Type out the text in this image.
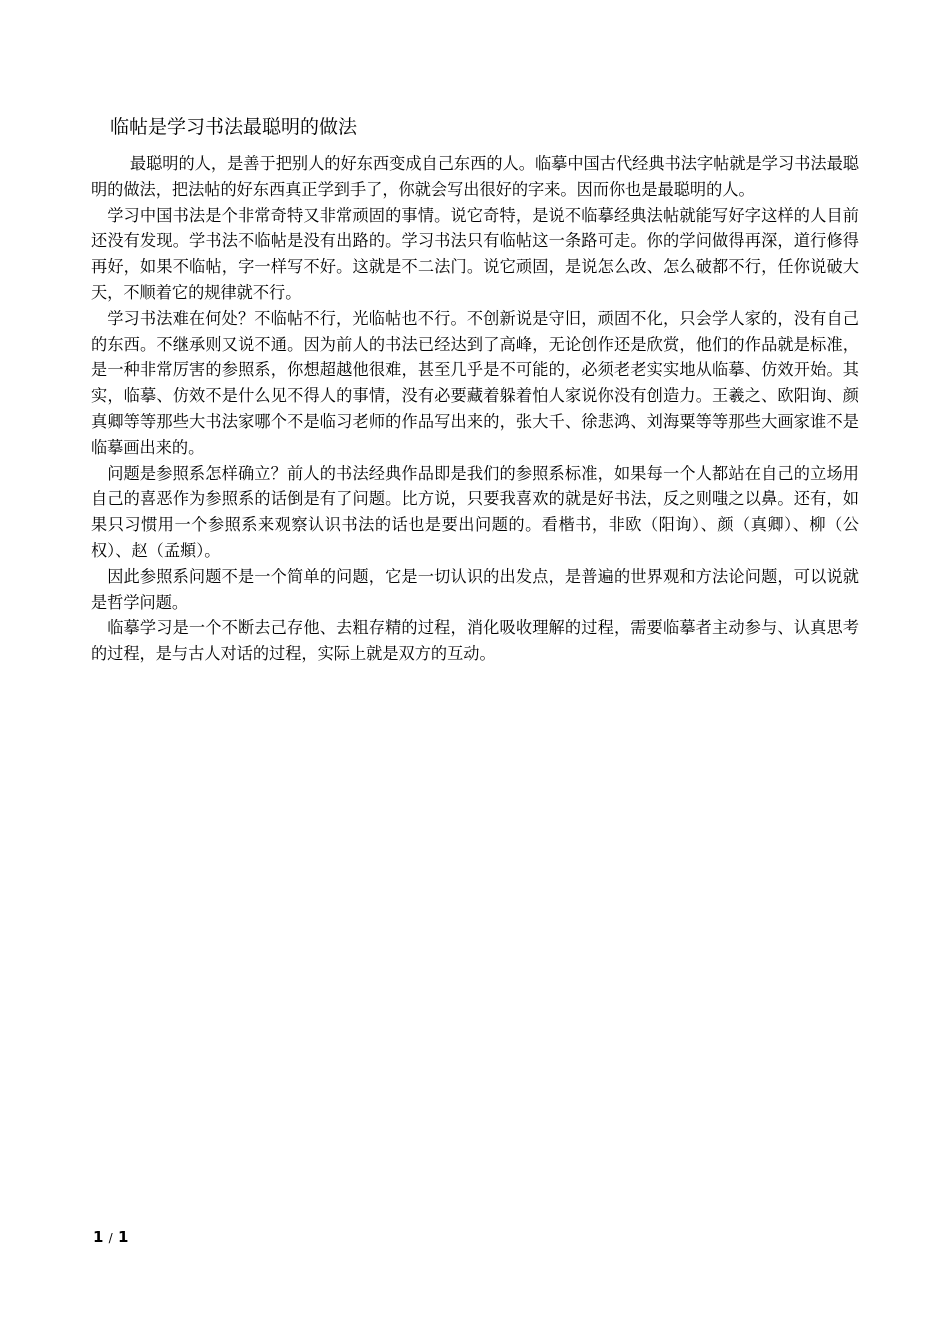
临帖是学习书法最聪明的做法

最聪明的人，是善于把别人的好东西变成自己东西的人。临摹中国古代经典书法字帖就是学习书法最聪明的做法，把法帖的好东西真正学到手了，你就会写出很好的字来。因而你也是最聪明的人。

学习中国书法是个非常奇特又非常顽固的事情。说它奇特，是说不临摹经典法帖就能写好字这样的人目前还没有发现。学书法不临帖是没有出路的。学习书法只有临帖这一条路可走。你的学问做得再深，道行修得再好，如果不临帖，字一样写不好。这就是不二法门。说它顽固，是说怎么改、怎么破都不行，任你说破大天，不顺着它的规律就不行。

学习书法难在何处？不临帖不行，光临帖也不行。不创新说是守旧，顽固不化，只会学人家的，没有自己的东西。不继承则又说不通。因为前人的书法已经达到了高峰，无论创作还是欣赏，他们的作品就是标准，是一种非常厉害的参照系，你想超越他很难，甚至几乎是不可能的，必须老老实实地从临摹、仿效开始。其实，临摹、仿效不是什么见不得人的事情，没有必要藏着躲着怕人家说你没有创造力。王羲之、欧阳询、颜真卿等等那些大书法家哪个不是临习老师的作品写出来的，张大千、徐悲鸿、刘海粟等等那些大画家谁不是临摹画出来的。

问题是参照系怎样确立？前人的书法经典作品即是我们的参照系标准，如果每一个人都站在自己的立场用自己的喜恶作为参照系的话倒是有了问题。比方说，只要我喜欢的就是好书法，反之则嗤之以鼻。还有，如果只习惯用一个参照系来观察认识书法的话也是要出问题的。看楷书，非欧（阳询）、颜（真卿）、柳（公权）、赵（孟頫）。

因此参照系问题不是一个简单的问题，它是一切认识的出发点，是普遍的世界观和方法论问题，可以说就是哲学问题。

临摹学习是一个不断去己存他、去粗存精的过程，消化吸收理解的过程，需要临摹者主动参与、认真思考的过程，是与古人对话的过程，实际上就是双方的互动。

1 / 1
